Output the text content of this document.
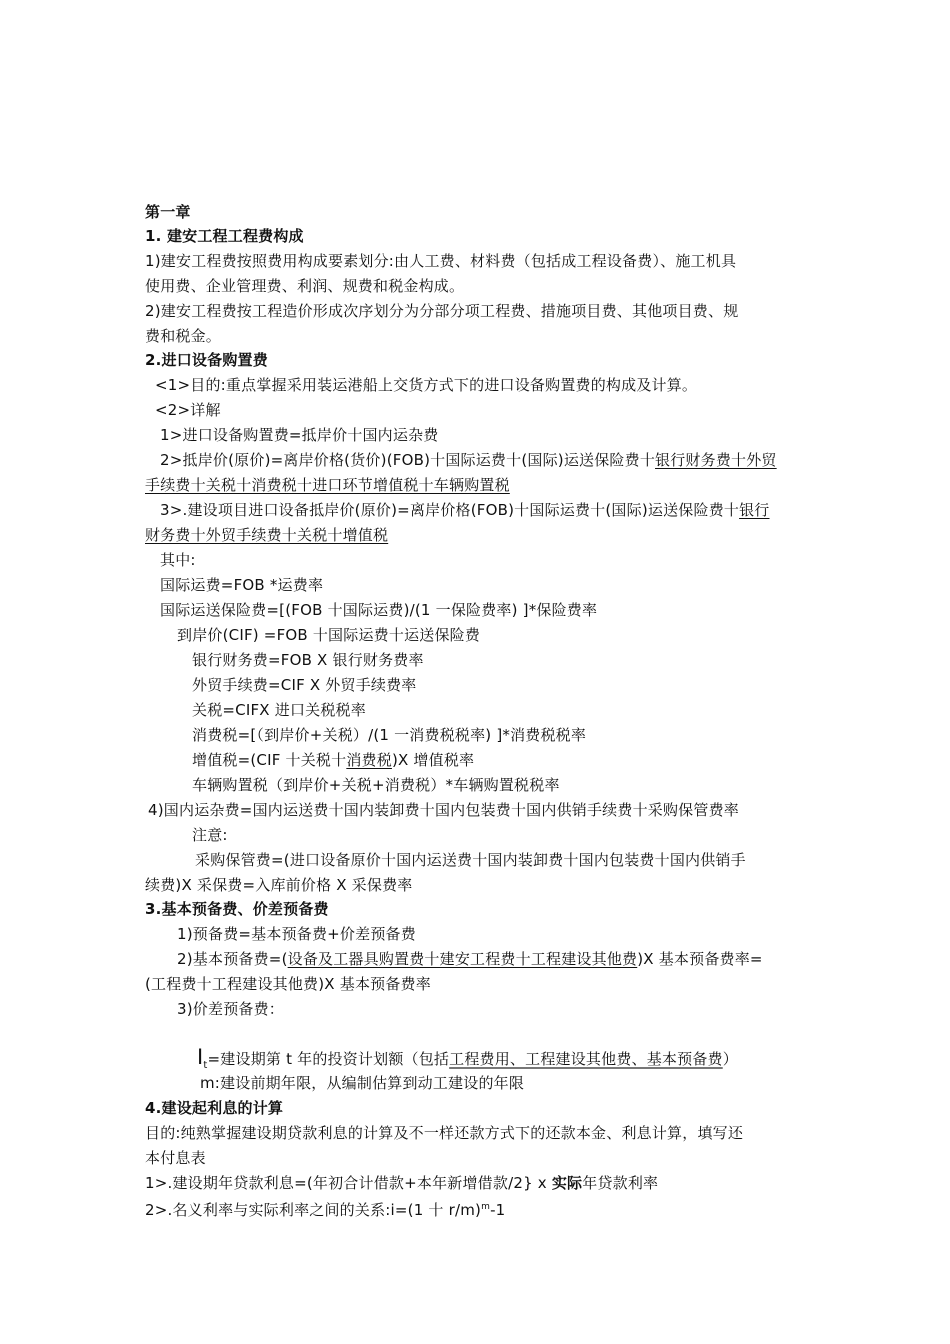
第一章
1. 建安工程工程费构成
1)建安工程费按照费用构成要素划分:由人工费、材料费（包括成工程设备费）、施工机具
使用费、企业管理费、利润、规费和税金构成。
2)建安工程费按工程造价形成次序划分为分部分项工程费、措施项目费、其他项目费、规
费和税金。
2.进口设备购置费
<1>目的:重点掌握采用装运港船上交货方式下的进口设备购置费的构成及计算。
<2>详解
1>进口设备购置费=抵岸价十国内运杂费
2>抵岸价(原价)=离岸价格(货价)(FOB)十国际运费十(国际)运送保险费十银行财务费十外贸
手续费十关税十消费税十进口环节增值税十车辆购置税
3>.建设项目进口设备抵岸价(原价)=离岸价格(FOB)十国际运费十(国际)运送保险费十银行
财务费十外贸手续费十关税十增值税
其中:
国际运费=FOB *运费率
国际运送保险费=[(FOB 十国际运费)/(1 一保险费率) ]*保险费率
到岸价(CIF) =FOB 十国际运费十运送保险费
银行财务费=FOB X 银行财务费率
外贸手续费=CIF X 外贸手续费率
关税=CIFX 进口关税税率
消费税=[（到岸价+关税）/(1 一消费税税率) ]*消费税税率
增值税=(CIF 十关税十消费税)X 增值税率
车辆购置税（到岸价+关税+消费税）*车辆购置税税率
4)国内运杂费=国内运送费十国内装卸费十国内包装费十国内供销手续费十采购保管费率
注意:
采购保管费=(进口设备原价十国内运送费十国内装卸费十国内包装费十国内供销手
续费)X 采保费=入库前价格 X 采保费率
3.基本预备费、价差预备费
1)预备费=基本预备费+价差预备费
2)基本预备费=(设备及工器具购置费十建安工程费十工程建设其他费)X 基本预备费率=
(工程费十工程建设其他费)X 基本预备费率
3)价差预备费：
$I_t=$建设期第 t 年的投资计划额（包括工程费用、工程建设其他费、基本预备费）
m:建设前期年限，从编制估算到动工建设的年限
4.建设起利息的计算
目的:纯熟掌握建设期贷款利息的计算及不一样还款方式下的还款本金、利息计算，填写还
本付息表
1>.建设期年贷款利息=(年初合计借款+本年新增借款/2} x 实际年贷款利率
2>.名义利率与实际利率之间的关系:i=(1 十 r/m)$^m$-1
